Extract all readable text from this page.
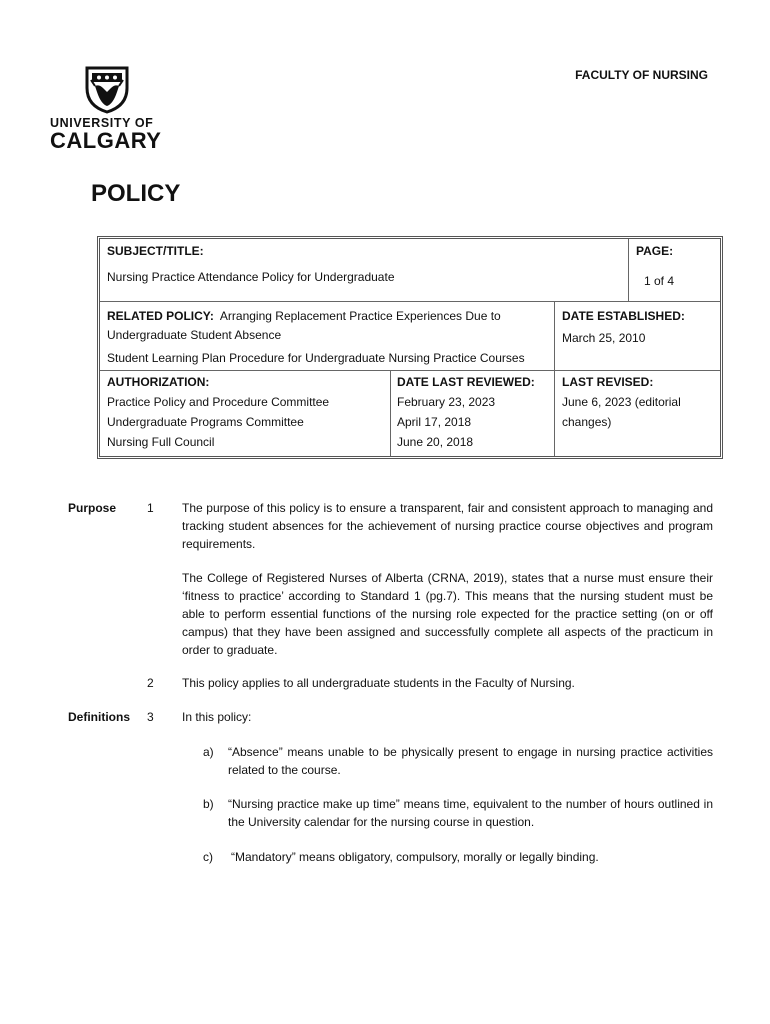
UNIVERSITY OF
CALGARY
FACULTY OF NURSING
POLICY
SUBJECT/TITLE:
Nursing Practice Attendance Policy for Undergraduate
PAGE:
1 of 4
RELATED POLICY: Arranging Replacement Practice Experiences Due to
Undergraduate Student Absence
Student Learning Plan Procedure for Undergraduate Nursing Practice Courses
DATE ESTABLISHED:
March 25, 2010
AUTHORIZATION:
Practice Policy and Procedure Committee
Undergraduate Programs Committee
Nursing Full Council
DATE LAST REVIEWED:
February 23, 2023
April 17, 2018
June 20, 2018
LAST REVISED:
June 6, 2023 (editorial
changes)
Purpose	1 The purpose of this policy is to ensure a transparent, fair and consistent approach to managing and tracking student absences for the achievement of nursing practice course objectives and program requirements.
The College of Registered Nurses of Alberta (CRNA, 2019), states that a nurse must ensure their ‘fitness to practice’ according to Standard 1 (pg.7). This means that the nursing student must be able to perform essential functions of the nursing role expected for the practice setting (on or off campus) that they have been assigned and successfully complete all aspects of the practicum in order to graduate.
2 This policy applies to all undergraduate students in the Faculty of Nursing.
Definitions 3 In this policy:
a) “Absence” means unable to be physically present to engage in nursing practice activities related to the course.
b) “Nursing practice make up time” means time, equivalent to the number of hours outlined in the University calendar for the nursing course in question.
c) “Mandatory” means obligatory, compulsory, morally or legally binding.
